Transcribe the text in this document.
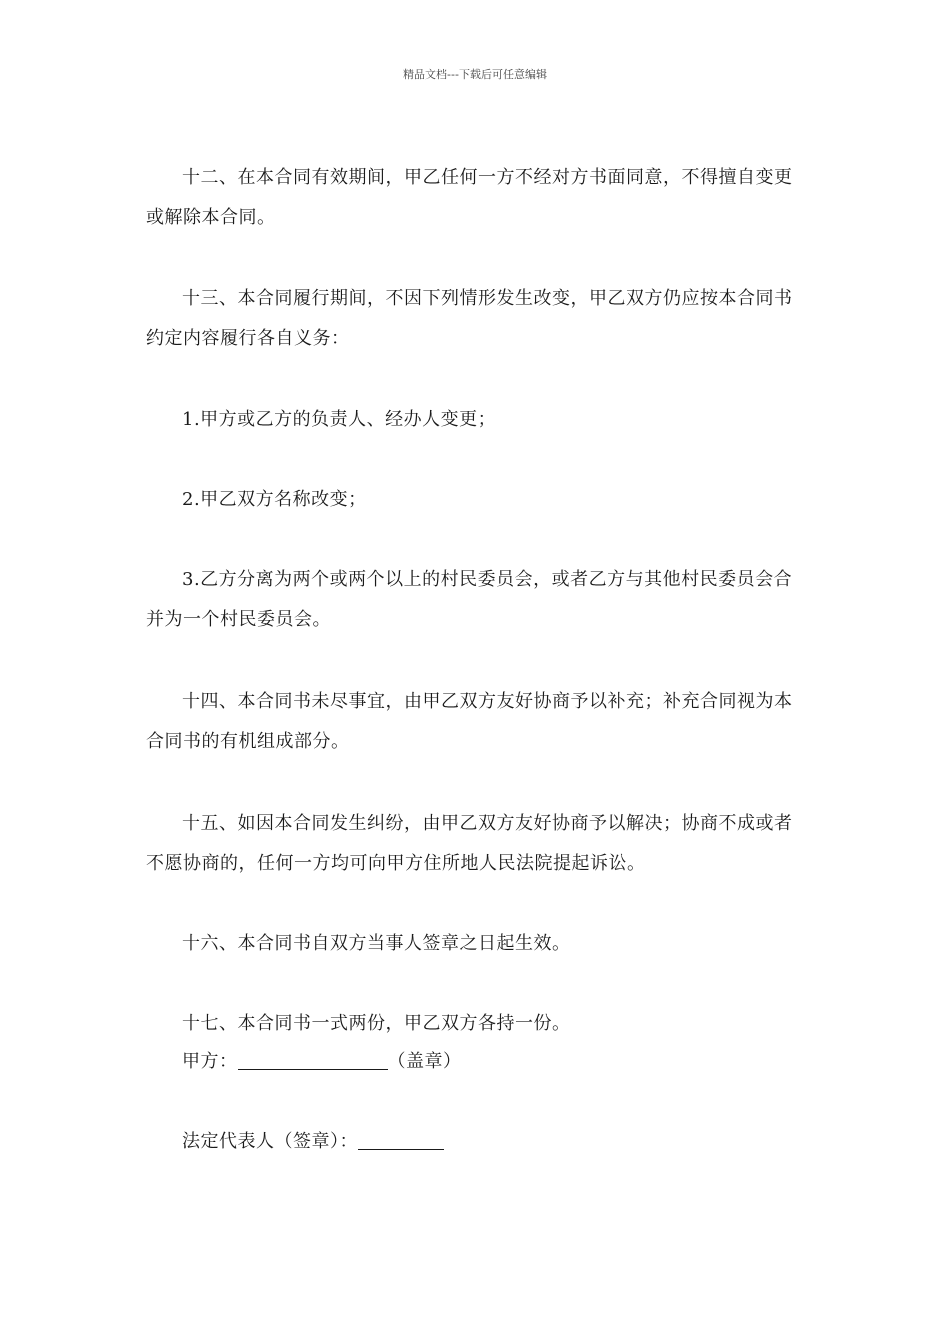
精品文档---下载后可任意编辑
十二、在本合同有效期间，甲乙任何一方不经对方书面同意，不得擅自变更或解除本合同。
十三、本合同履行期间，不因下列情形发生改变，甲乙双方仍应按本合同书约定内容履行各自义务：
1.甲方或乙方的负责人、经办人变更；
2.甲乙双方名称改变；
3.乙方分离为两个或两个以上的村民委员会，或者乙方与其他村民委员会合并为一个村民委员会。
十四、本合同书未尽事宜，由甲乙双方友好协商予以补充；补充合同视为本合同书的有机组成部分。
十五、如因本合同发生纠纷，由甲乙双方友好协商予以解决；协商不成或者不愿协商的，任何一方均可向甲方住所地人民法院提起诉讼。
十六、本合同书自双方当事人签章之日起生效。
十七、本合同书一式两份，甲乙双方各持一份。
甲方：	（盖章）
法定代表人（签章）：
